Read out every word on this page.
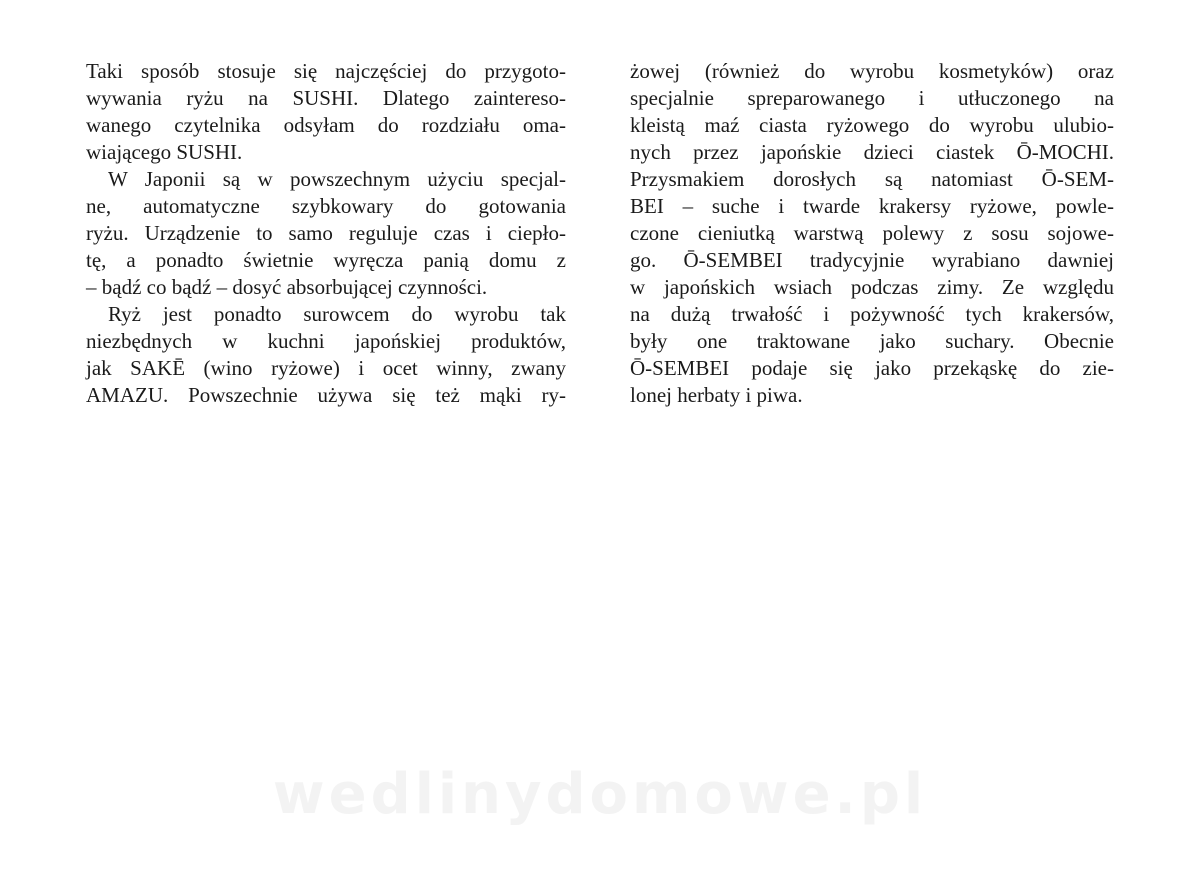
Taki sposób stosuje się najczęściej do przygoto-
wywania ryżu na SUSHI. Dlatego zaintereso-
wanego czytelnika odsyłam do rozdziału oma-
wiającego SUSHI.
W Japonii są w powszechnym użyciu specjal-
ne, automatyczne szybkowary do gotowania
ryżu. Urządzenie to samo reguluje czas i ciepło-
tę, a ponadto świetnie wyręcza panią domu z
– bądź co bądź – dosyć absorbującej czynności.
Ryż jest ponadto surowcem do wyrobu tak
niezbędnych w kuchni japońskiej produktów,
jak SAKĒ (wino ryżowe) i ocet winny, zwany
AMAZU. Powszechnie używa się też mąki ry-
żowej (również do wyrobu kosmetyków) oraz
specjalnie spreparowanego i utłuczonego na
kleistą maź ciasta ryżowego do wyrobu ulubio-
nych przez japońskie dzieci ciastek Ō-MOCHI.
Przysmakiem dorosłych są natomiast Ō-SEM-
BEI – suche i twarde krakersy ryżowe, powle-
czone cieniutką warstwą polewy z sosu sojowe-
go. Ō-SEMBEI tradycyjnie wyrabiano dawniej
w japońskich wsiach podczas zimy. Ze względu
na dużą trwałość i pożywność tych krakersów,
były one traktowane jako suchary. Obecnie
Ō-SEMBEI podaje się jako przekąskę do zie-
lonej herbaty i piwa.
wedlinydomowe.pl
